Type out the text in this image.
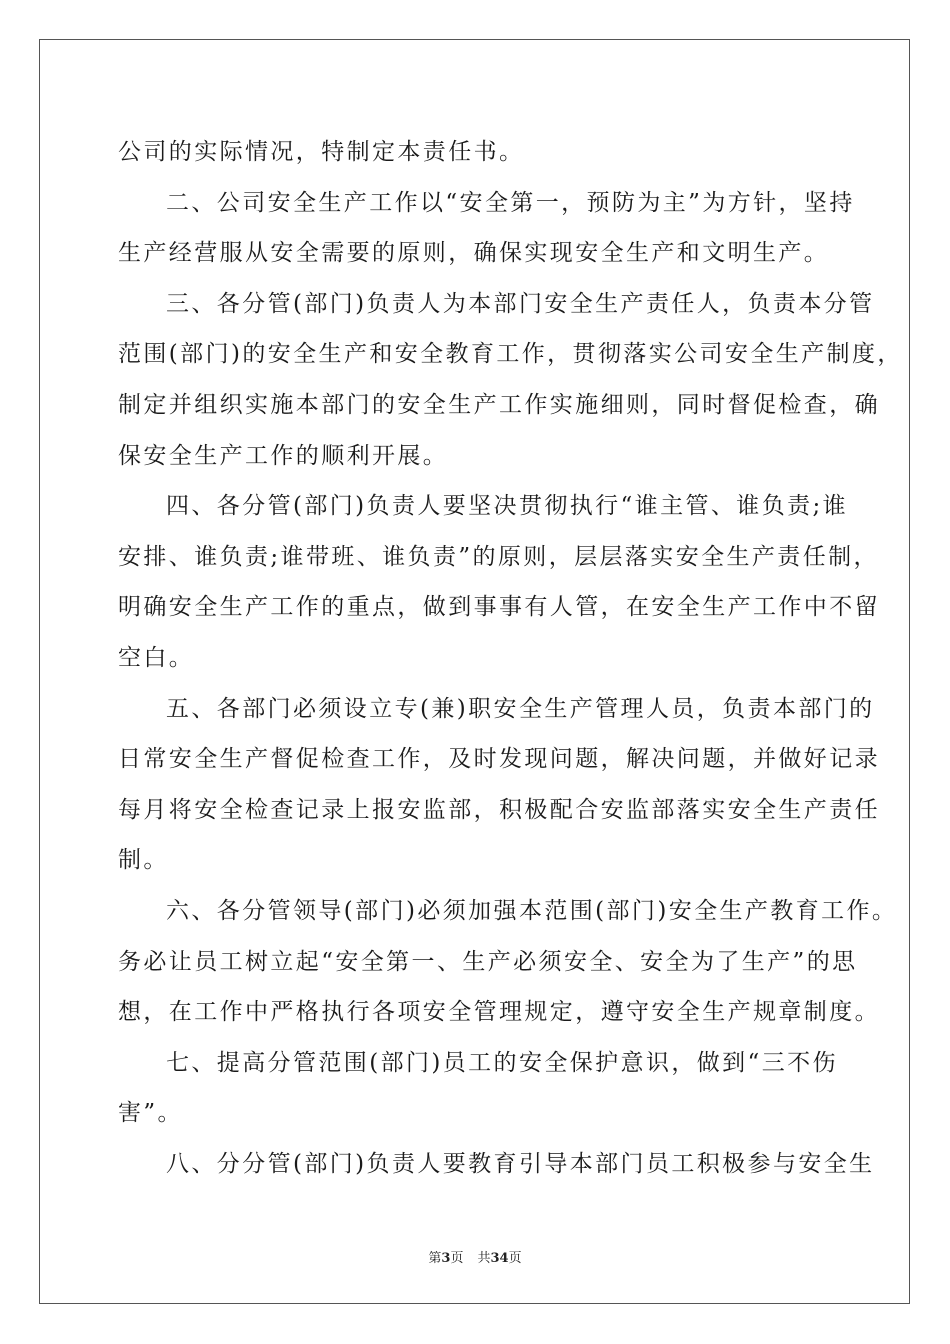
公司的实际情况，特制定本责任书。
二、公司安全生产工作以“安全第一，预防为主”为方针，坚持
生产经营服从安全需要的原则，确保实现安全生产和文明生产。
三、各分管(部门)负责人为本部门安全生产责任人，负责本分管
范围(部门)的安全生产和安全教育工作，贯彻落实公司安全生产制度，
制定并组织实施本部门的安全生产工作实施细则，同时督促检查，确
保安全生产工作的顺利开展。
四、各分管(部门)负责人要坚决贯彻执行“谁主管、谁负责;谁
安排、谁负责;谁带班、谁负责”的原则，层层落实安全生产责任制，
明确安全生产工作的重点，做到事事有人管，在安全生产工作中不留
空白。
五、各部门必须设立专(兼)职安全生产管理人员，负责本部门的
日常安全生产督促检查工作，及时发现问题，解决问题，并做好记录
每月将安全检查记录上报安监部，积极配合安监部落实安全生产责任
制。
六、各分管领导(部门)必须加强本范围(部门)安全生产教育工作。
务必让员工树立起“安全第一、生产必须安全、安全为了生产”的思
想，在工作中严格执行各项安全管理规定，遵守安全生产规章制度。
七、提高分管范围(部门)员工的安全保护意识，做到“三不伤
害”。
八、分分管(部门)负责人要教育引导本部门员工积极参与安全生
第3页 共34页
